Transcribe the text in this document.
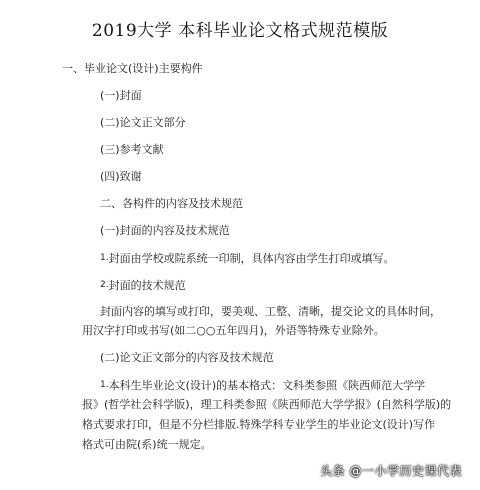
2019大学 本科毕业论文格式规范模版
一、毕业论文(设计)主要构件
(一)封面
(二)论文正文部分
(三)参考文献
(四)致谢
二、各构件的内容及技术规范
(一)封面的内容及技术规范
1.封面由学校或院系统一印制，具体内容由学生打印或填写。
2.封面的技术规范
封面内容的填写或打印，要美观、工整、清晰，提交论文的具体时间，
用汉字打印或书写(如二○○五年四月)，外语等特殊专业除外。
(二)论文正文部分的内容及技术规范
1.本科生毕业论文(设计)的基本格式：文科类参照《陕西师范大学学
报》(哲学社会科学版)，理工科类参照《陕西师范大学学报》(自然科学版)的
格式要求打印，但是不分栏排版.特殊学科专业学生的毕业论文(设计)写作
格式可由院(系)统一规定。
头条 @一小学历史课代表
